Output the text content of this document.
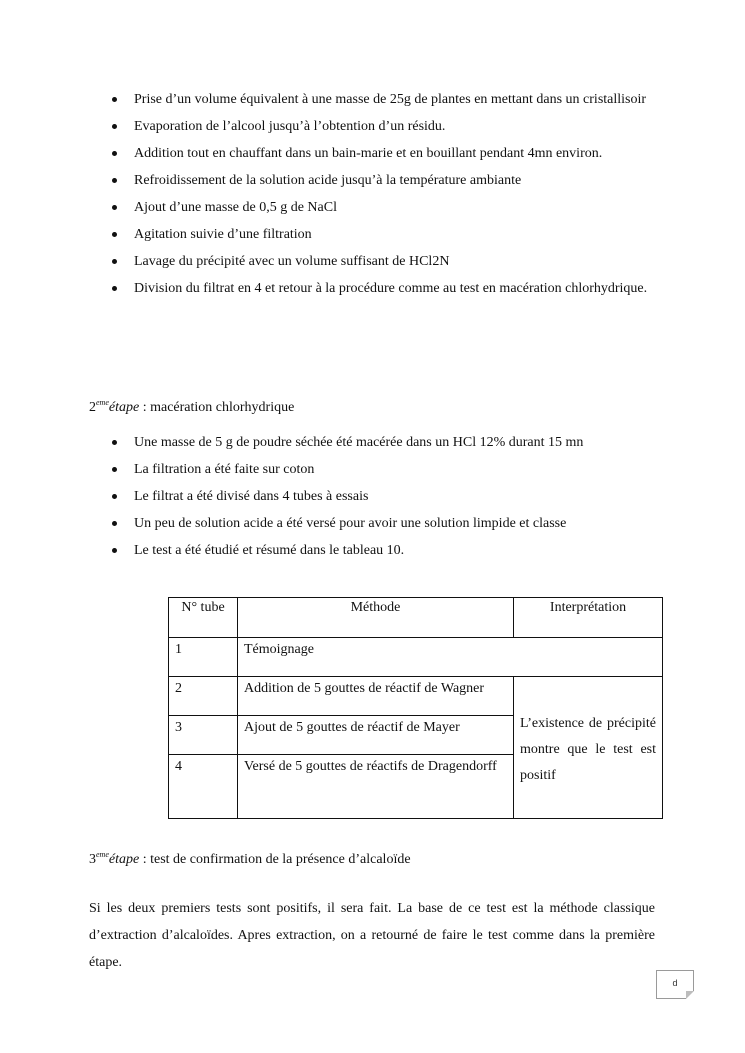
Prise d’un volume équivalent à une masse de 25g de plantes en mettant dans un cristallisoir
Evaporation de l’alcool jusqu’à l’obtention d’un résidu.
Addition tout en chauffant dans un bain-marie et en bouillant pendant 4mn environ.
Refroidissement de la solution acide jusqu’à la température ambiante
Ajout d’une masse de 0,5 g de NaCl
Agitation suivie d’une filtration
Lavage du précipité avec un volume suffisant de HCl2N
Division du filtrat en 4 et retour à la procédure comme au test en macération chlorhydrique.
2emeétape : macération chlorhydrique
Une masse de 5 g de poudre séchée été macérée dans un HCl 12% durant 15 mn
La filtration a été faite sur coton
Le filtrat a été divisé dans 4 tubes à essais
Un peu de solution acide a été versé pour avoir une solution limpide et classe
Le test a été étudié et résumé dans le tableau 10.
N° tube	Méthode	Interprétation
1	Témoignage	
2	Addition de 5 gouttes de réactif de Wagner	L’existence de précipité montre que le test est positif

3	Ajout de 5 gouttes de réactif de Mayer	
4	Versé de 5 gouttes de réactifs de Dragendorff	
3emeétape : test de confirmation de la présence d’alcaloïde

Si les deux premiers tests sont positifs, il sera fait. La base de ce test est la méthode classique d’extraction d’alcaloïdes. Apres extraction, on a retourné de faire le test comme dans la première étape.

d
